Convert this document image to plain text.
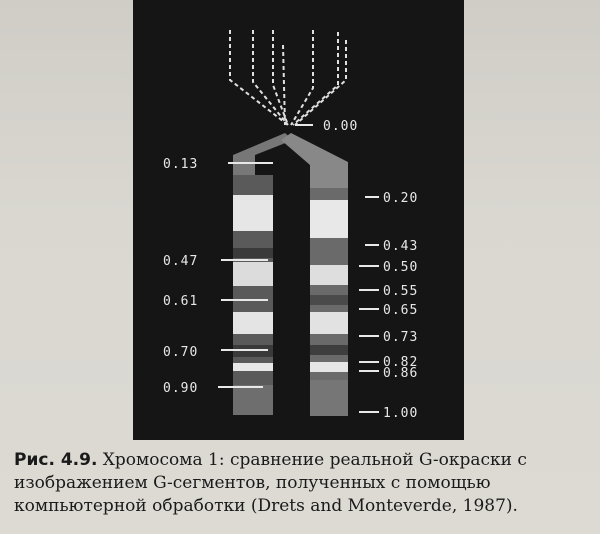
0.00
0.13
0.47
0.61
0.70
0.90
0.20
0.43
0.50
0.55
0.65
0.73
0.82
0.86
1.00
Рис. 4.9. Хромосома 1: сравнение реальной G-окраски с изображением G-сегментов, полученных с помощью компьютерной обработки (Drets and Monteverde, 1987).
